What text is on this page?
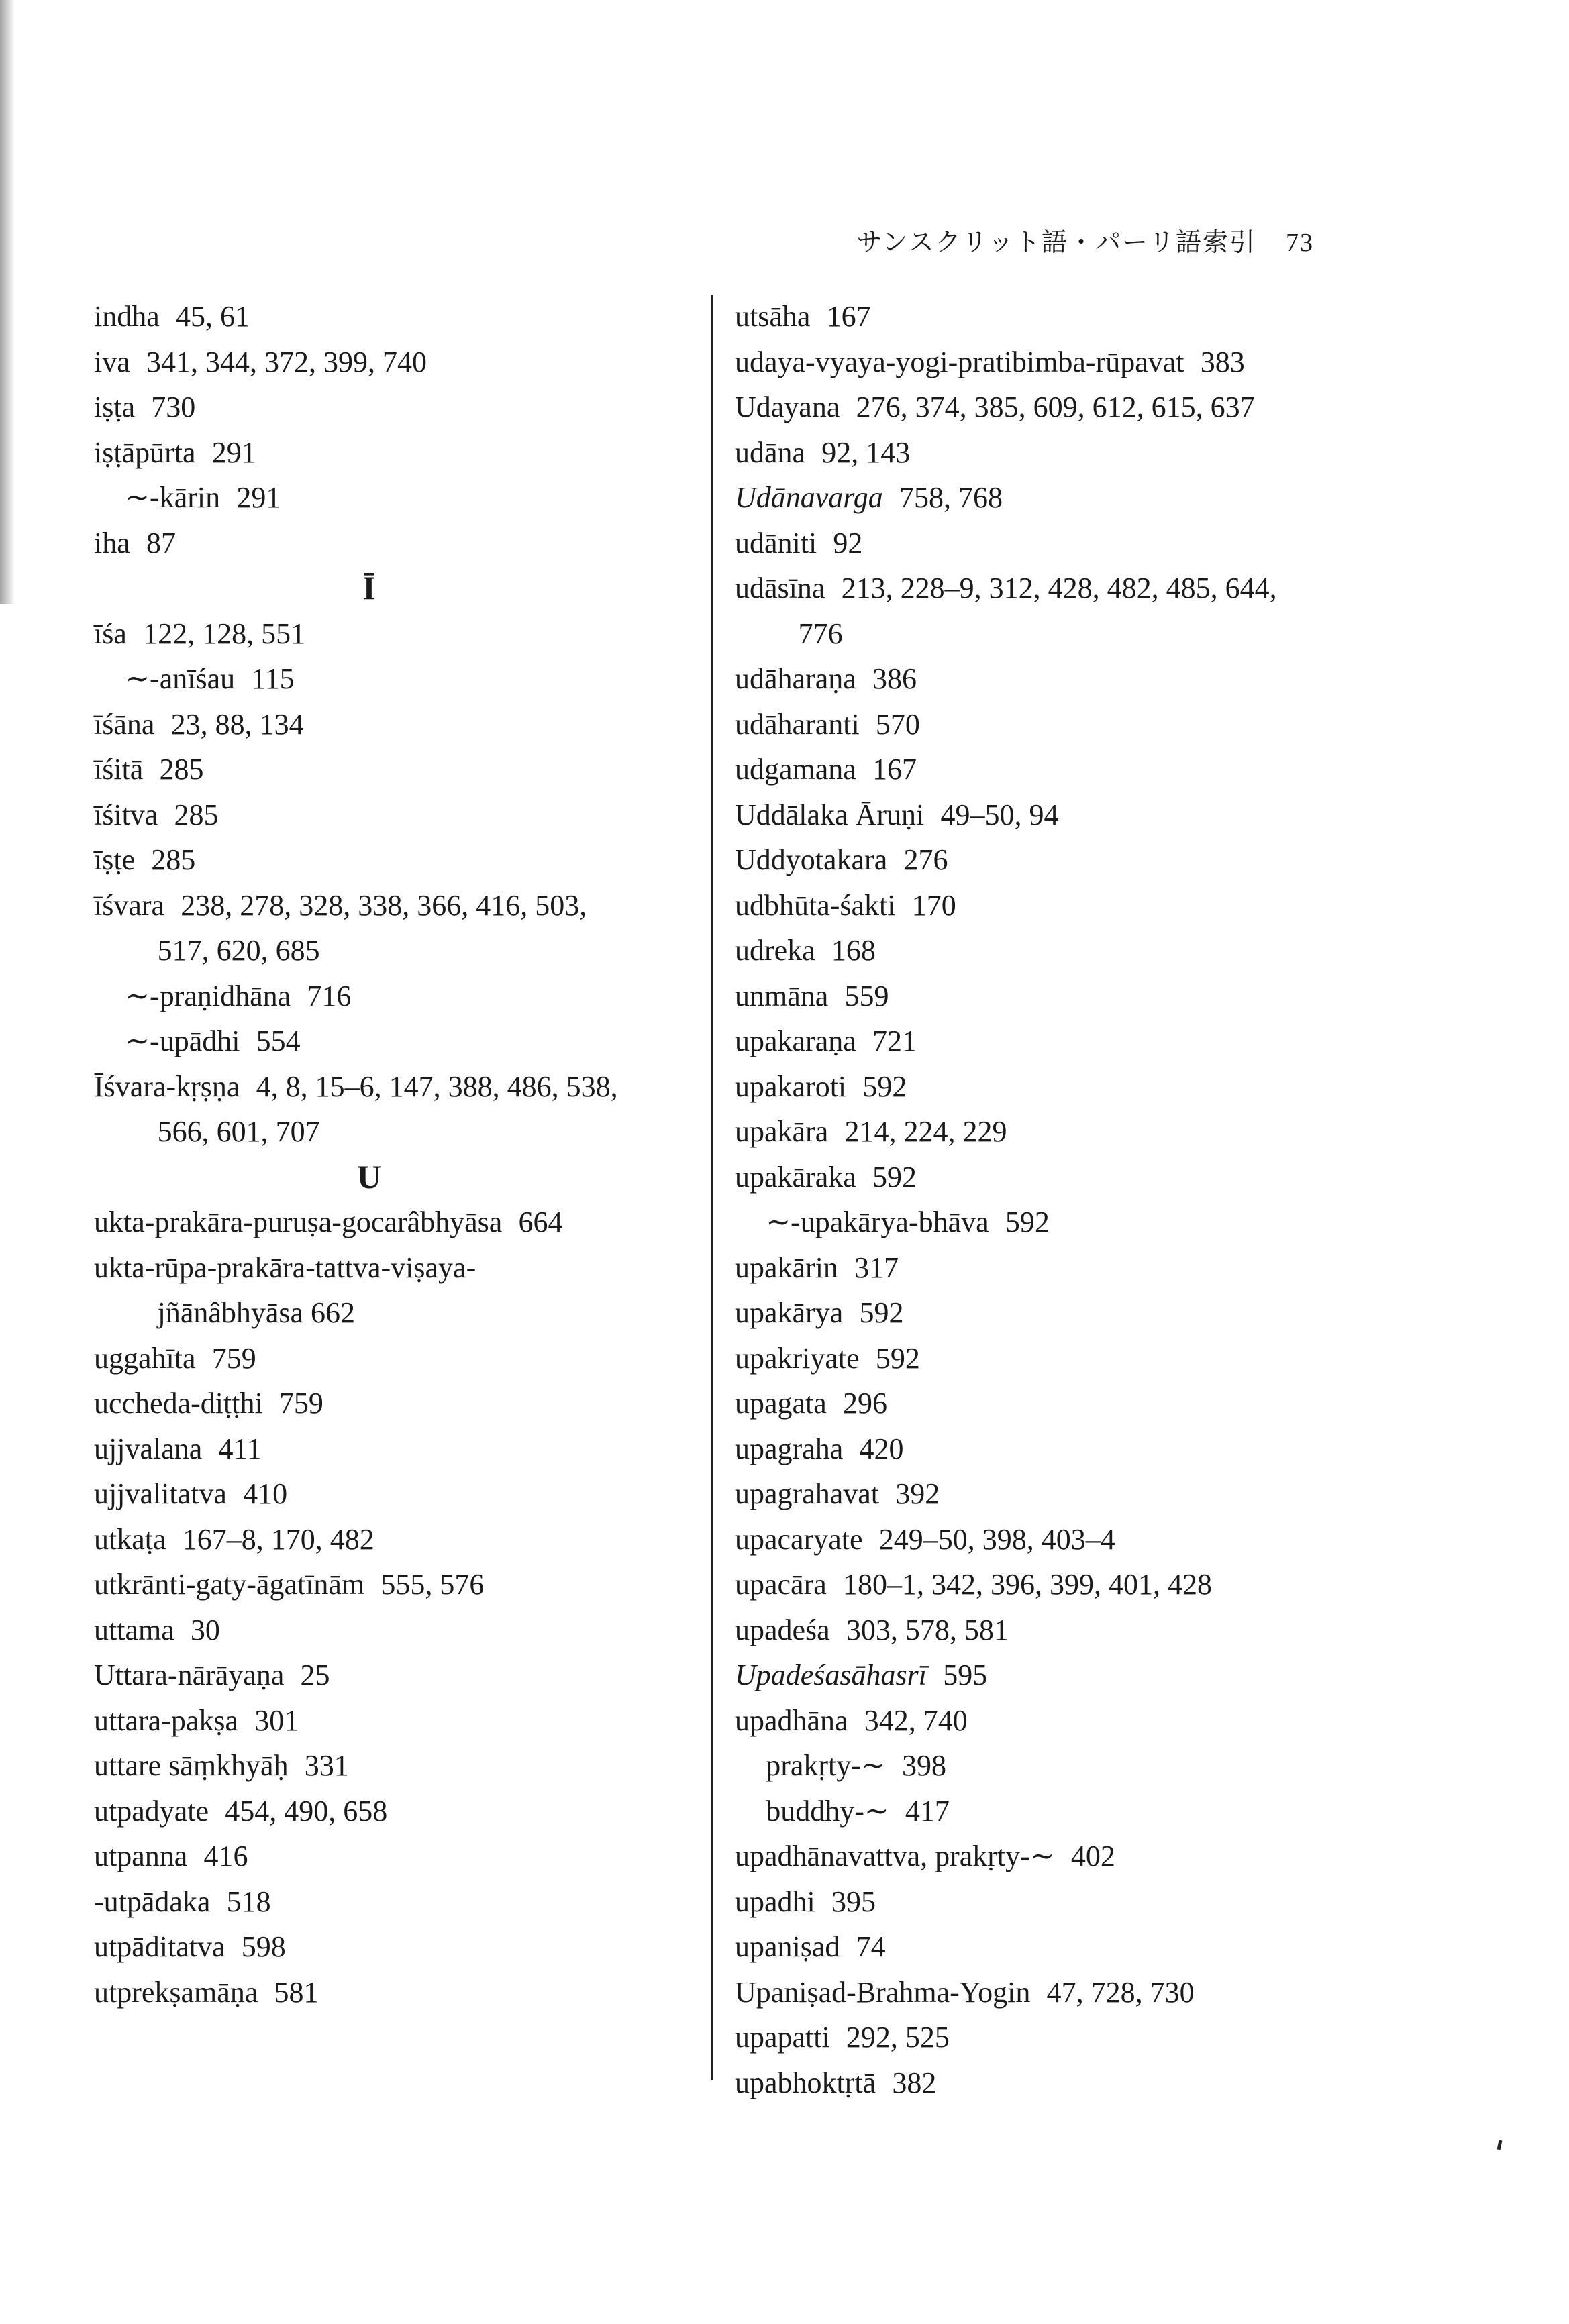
サンスクリット語・パーリ語索引 73
indha 45, 61
iva 341, 344, 372, 399, 740
iṣṭa 730
iṣṭāpūrta 291
∼-kārin 291
iha 87
Ī
īśa 122, 128, 551
∼-anīśau 115
īśāna 23, 88, 134
īśitā 285
īśitva 285
īṣṭe 285
īśvara 238, 278, 328, 338, 366, 416, 503,
517, 620, 685
∼-praṇidhāna 716
∼-upādhi 554
Īśvara-kṛṣṇa 4, 8, 15–6, 147, 388, 486, 538,
566, 601, 707
U
ukta-prakāra-puruṣa-gocarâbhyāsa 664
ukta-rūpa-prakāra-tattva-viṣaya-
jñānâbhyāsa 662
uggahīta 759
uccheda-diṭṭhi 759
ujjvalana 411
ujjvalitatva 410
utkaṭa 167–8, 170, 482
utkrānti-gaty-āgatīnām 555, 576
uttama 30
Uttara-nārāyaṇa 25
uttara-pakṣa 301
uttare sāṃkhyāḥ 331
utpadyate 454, 490, 658
utpanna 416
-utpādaka 518
utpāditatva 598
utprekṣamāṇa 581
utsāha 167
udaya-vyaya-yogi-pratibimba-rūpavat 383
Udayana 276, 374, 385, 609, 612, 615, 637
udāna 92, 143
Udānavarga 758, 768
udāniti 92
udāsīna 213, 228–9, 312, 428, 482, 485, 644,
776
udāharaṇa 386
udāharanti 570
udgamana 167
Uddālaka Āruṇi 49–50, 94
Uddyotakara 276
udbhūta-śakti 170
udreka 168
unmāna 559
upakaraṇa 721
upakaroti 592
upakāra 214, 224, 229
upakāraka 592
∼-upakārya-bhāva 592
upakārin 317
upakārya 592
upakriyate 592
upagata 296
upagraha 420
upagrahavat 392
upacaryate 249–50, 398, 403–4
upacāra 180–1, 342, 396, 399, 401, 428
upadeśa 303, 578, 581
Upadeśasāhasrī 595
upadhāna 342, 740
prakṛty-∼ 398
buddhy-∼ 417
upadhānavattva, prakṛty-∼ 402
upadhi 395
upaniṣad 74
Upaniṣad-Brahma-Yogin 47, 728, 730
upapatti 292, 525
upabhoktṛtā 382
